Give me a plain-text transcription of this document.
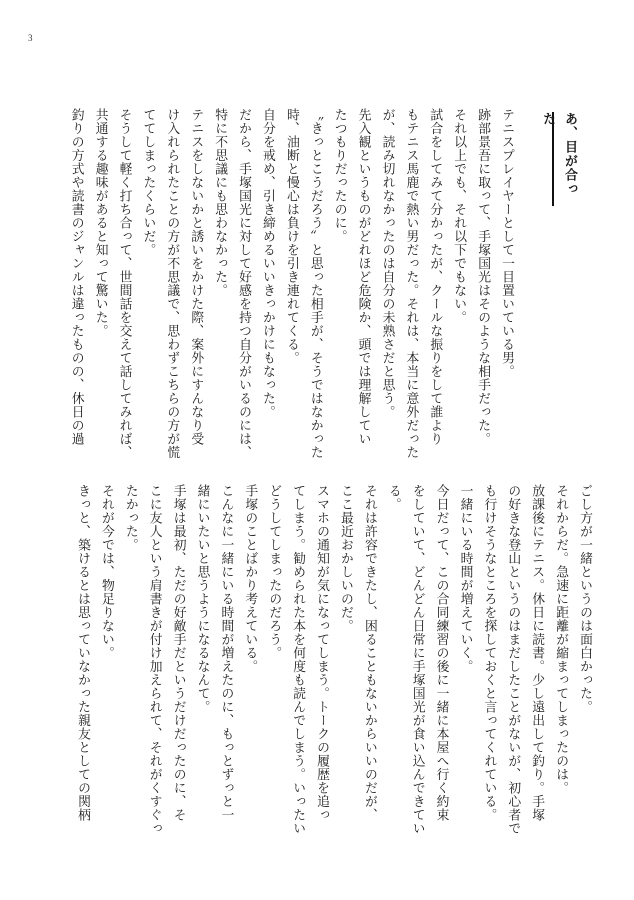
3
あ、目が合った
テニスプレイヤーとして一目置いている男。
跡部景吾に取って、手塚国光はそのような相手だった。
それ以上でも、それ以下でもない。
試合をしてみて分かったが、クールな振りをして誰より
もテニス馬鹿で熱い男だった。それは、本当に意外だった
が、読み切れなかったのは自分の未熟さだと思う。
先入観というものがどれほど危険か、頭では理解してい
たつもりだったのに。
〝きっとこうだろう〟と思った相手が、そうではなかった
時、油断と慢心は負けを引き連れてくる。
自分を戒め、引き締めるいいきっかけにもなった。
だから、手塚国光に対して好感を持つ自分がいるのには、
特に不思議にも思わなかった。
テニスをしないかと誘いをかけた際、案外にすんなり受
け入れられたことの方が不思議で、思わずこちらの方が慌
ててしまったくらいだ。
そうして軽く打ち合って、世間話を交えて話してみれば、
共通する趣味があると知って驚いた。
釣りの方式や読書のジャンルは違ったものの、休日の過
ごし方が一緒というのは面白かった。
それからだ。急速に距離が縮まってしまったのは。
放課後にテニス。休日に読書。少し遠出して釣り。手塚
の好きな登山というのはまだしたことがないが、初心者で
も行けそうなところを探しておくと言ってくれている。
一緒にいる時間が増えていく。
今日だって、この合同練習の後に一緒に本屋へ行く約束
をしていて、どんどん日常に手塚国光が食い込んできてい
る。
それは許容できたし、困ることもないからいいのだが、
ここ最近おかしいのだ。
スマホの通知が気になってしまう。トークの履歴を追っ
てしまう。勧められた本を何度も読んでしまう。いったい
どうしてしまったのだろう。
手塚のことばかり考えている。
こんなに一緒にいる時間が増えたのに、もっとずっと一
緒にいたいと思うようになるなんて。
手塚は最初、ただの好敵手だというだけだったのに、そ
こに友人という肩書きが付け加えられて、それがくすぐっ
たかった。
それが今では、物足りない。
きっと、築けるとは思っていなかった親友としての関柄
